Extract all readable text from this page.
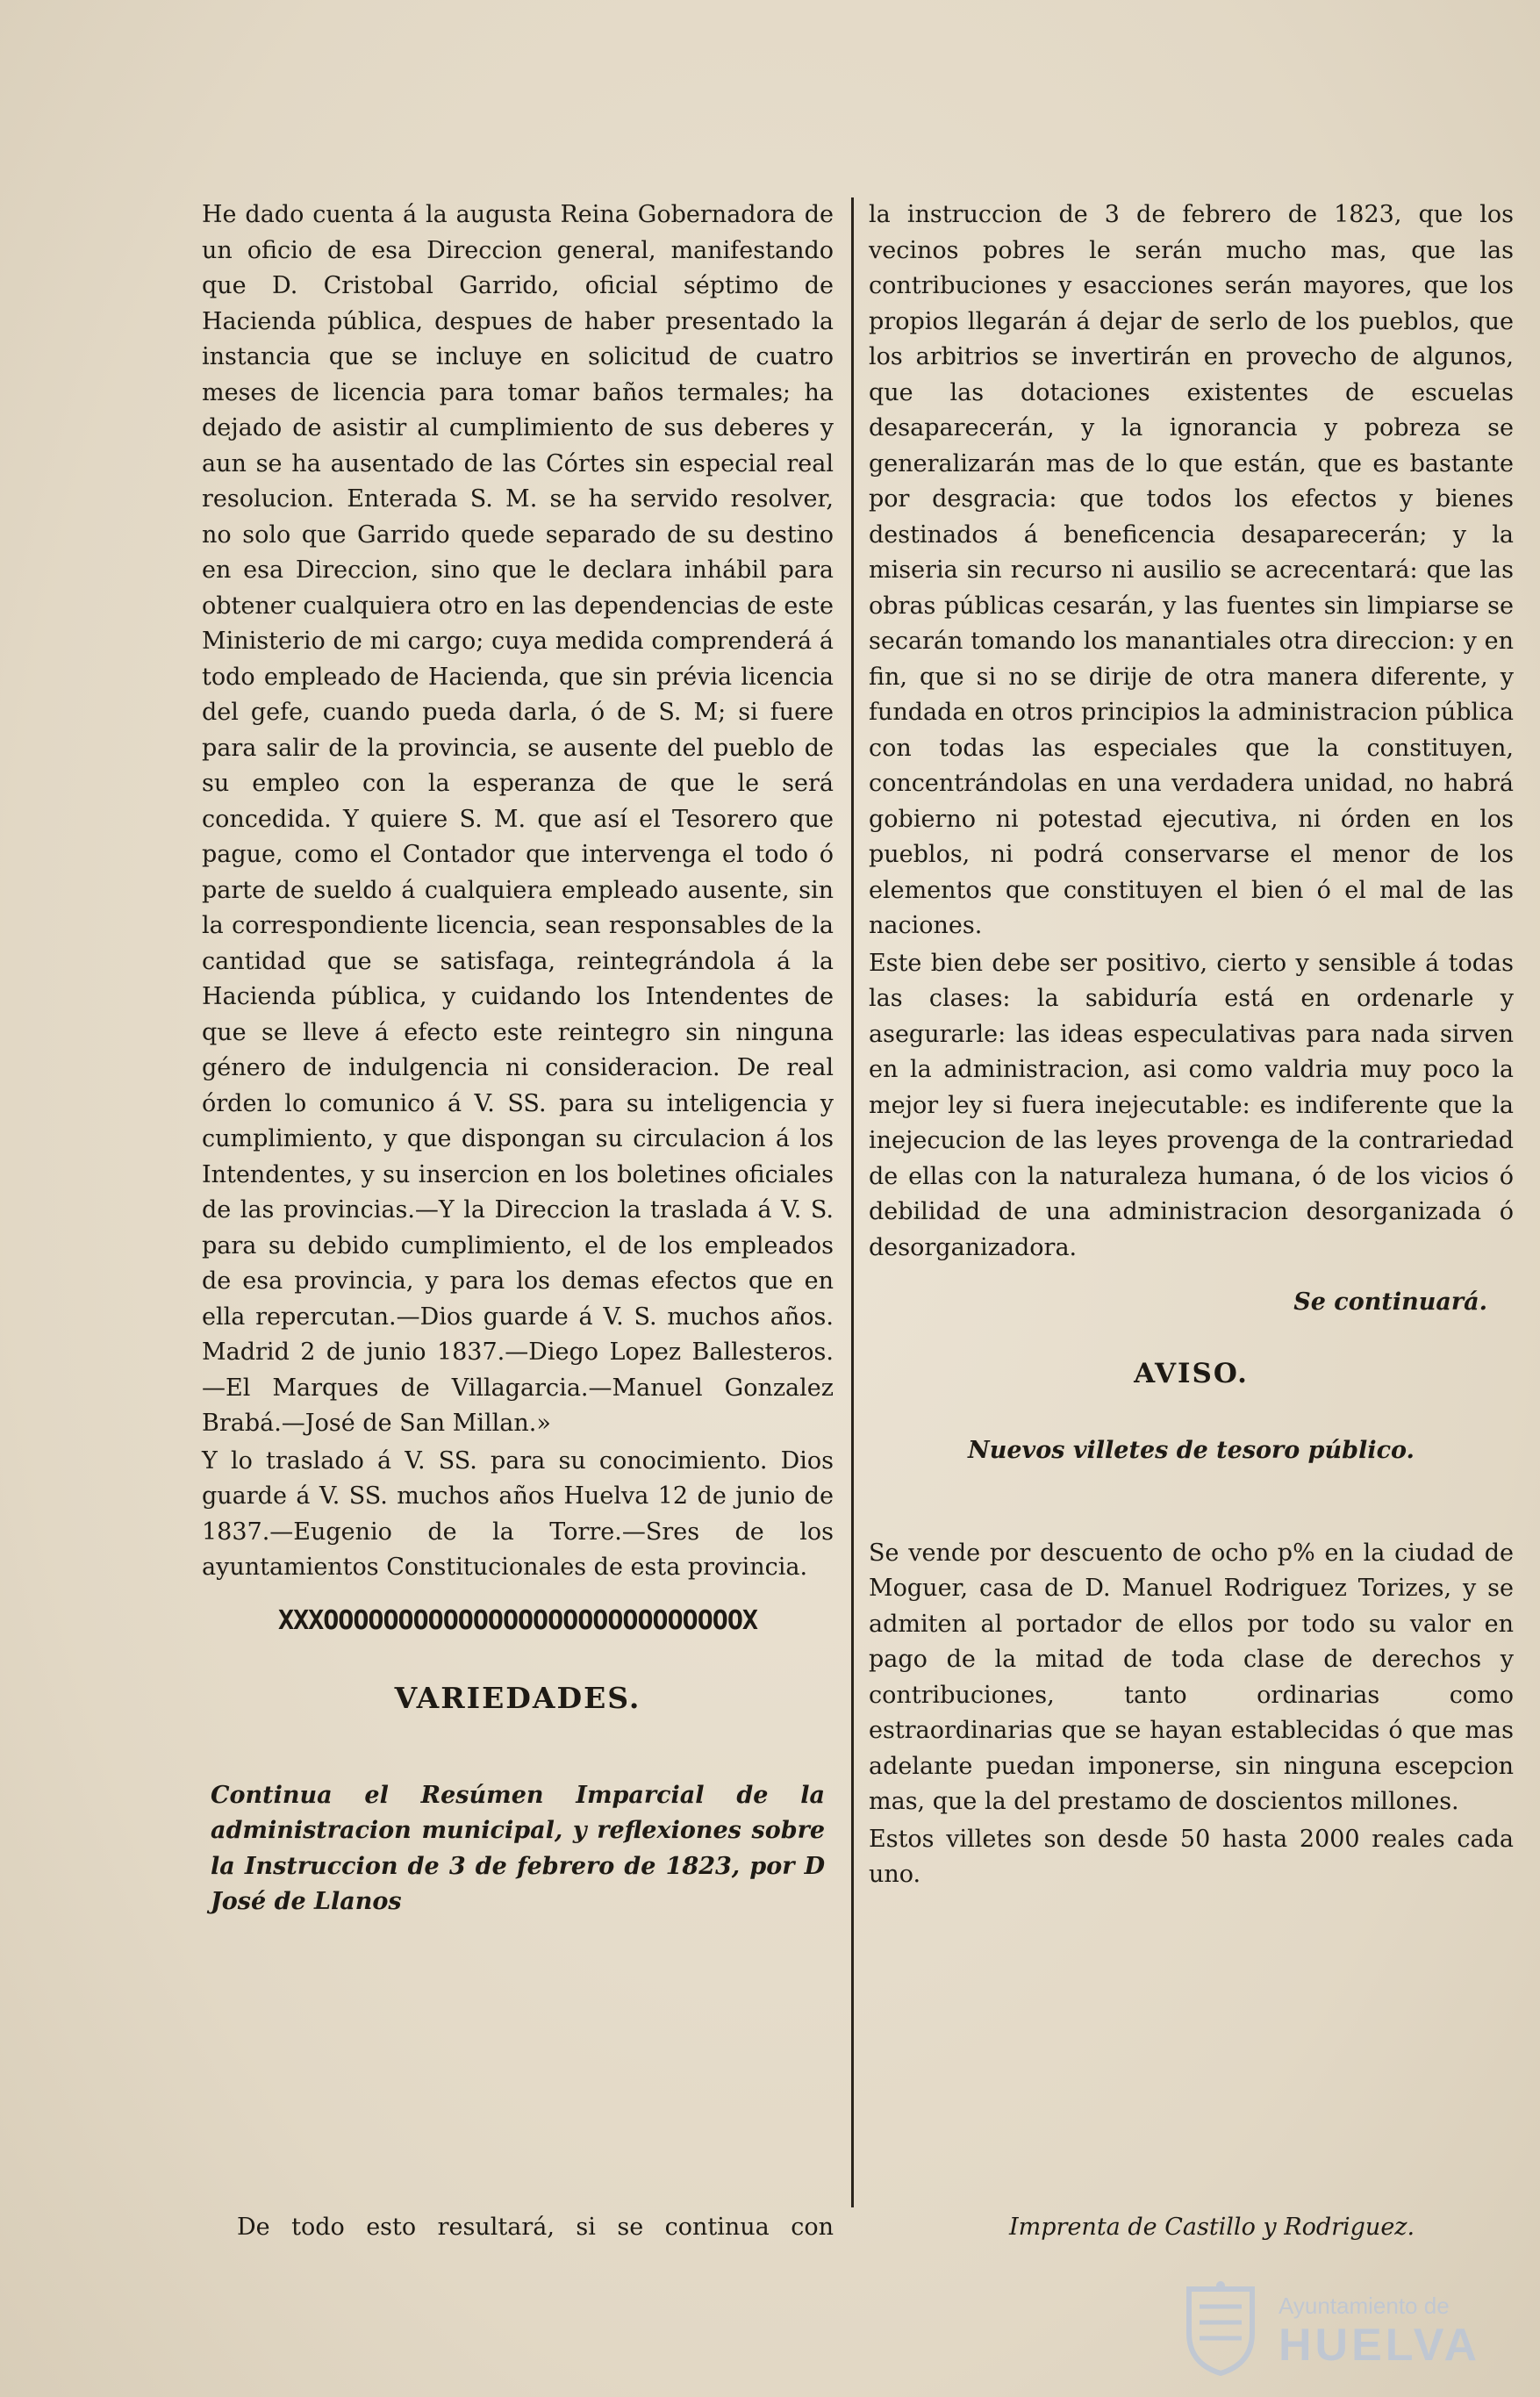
He dado cuenta á la augusta Reina Gobernadora de un oficio de esa Direccion general, manifestando que D. Cristobal Garrido, oficial séptimo de Hacienda pública, despues de haber presentado la instancia que se incluye en solicitud de cuatro meses de licencia para tomar baños termales; ha dejado de asistir al cumplimiento de sus deberes y aun se ha ausentado de las Córtes sin especial real resolucion. Enterada S. M. se ha servido resolver, no solo que Garrido quede separado de su destino en esa Direccion, sino que le declara inhábil para obtener cualquiera otro en las dependencias de este Ministerio de mi cargo; cuya medida comprenderá á todo empleado de Hacienda, que sin prévia licencia del gefe, cuando pueda darla, ó de S. M; si fuere para salir de la provincia, se ausente del pueblo de su empleo con la esperanza de que le será concedida. Y quiere S. M. que así el Tesorero que pague, como el Contador que intervenga el todo ó parte de sueldo á cualquiera empleado ausente, sin la correspondiente licencia, sean responsables de la cantidad que se satisfaga, reintegrándola á la Hacienda pública, y cuidando los Intendentes de que se lleve á efecto este reintegro sin ninguna género de indulgencia ni consideracion. De real órden lo comunico á V. SS. para su inteligencia y cumplimiento, y que dispongan su circulacion á los Intendentes, y su insercion en los boletines oficiales de las provincias.—Y la Direccion la traslada á V. S. para su debido cumplimiento, el de los empleados de esa provincia, y para los demas efectos que en ella repercutan.—Dios guarde á V. S. muchos años. Madrid 2 de junio 1837.—Diego Lopez Ballesteros.—El Marques de Villagarcia.—Manuel Gonzalez Brabá.—José de San Millan.»

Y lo traslado á V. SS. para su conocimiento. Dios guarde á V. SS. muchos años Huelva 12 de junio de 1837.—Eugenio de la Torre.—Sres de los ayuntamientos Constitucionales de esta provincia.

XXXOOOOOOOOOOOOOOOOOOOOOOOOOOOOX
VARIEDADES.
Continua el Resúmen Imparcial de la administracion municipal, y reflexiones sobre la Instruccion de 3 de febrero de 1823, por D José de Llanos
De todo esto resultará, si se continua con

la instruccion de 3 de febrero de 1823, que los vecinos pobres le serán mucho mas, que las contribuciones y esacciones serán mayores, que los propios llegarán á dejar de serlo de los pueblos, que los arbitrios se invertirán en provecho de algunos, que las dotaciones existentes de escuelas desaparecerán, y la ignorancia y pobreza se generalizarán mas de lo que están, que es bastante por desgracia: que todos los efectos y bienes destinados á beneficencia desaparecerán; y la miseria sin recurso ni ausilio se acrecentará: que las obras públicas cesarán, y las fuentes sin limpiarse se secarán tomando los manantiales otra direccion: y en fin, que si no se dirije de otra manera diferente, y fundada en otros principios la administracion pública con todas las especiales que la constituyen, concentrándolas en una verdadera unidad, no habrá gobierno ni potestad ejecutiva, ni órden en los pueblos, ni podrá conservarse el menor de los elementos que constituyen el bien ó el mal de las naciones.

Este bien debe ser positivo, cierto y sensible á todas las clases: la sabiduría está en ordenarle y asegurarle: las ideas especulativas para nada sirven en la administracion, asi como valdria muy poco la mejor ley si fuera inejecutable: es indiferente que la inejecucion de las leyes provenga de la contrariedad de ellas con la naturaleza humana, ó de los vicios ó debilidad de una administracion desorganizada ó desorganizadora.

Se continuará.
AVISO.
Nuevos villetes de tesoro público.

Se vende por descuento de ocho p% en la ciudad de Moguer, casa de D. Manuel Rodriguez Torizes, y se admiten al portador de ellos por todo su valor en pago de la mitad de toda clase de derechos y contribuciones, tanto ordinarias como estraordinarias que se hayan establecidas ó que mas adelante puedan imponerse, sin ninguna escepcion mas, que la del prestamo de doscientos millones.

Estos villetes son desde 50 hasta 2000 reales cada uno.

Imprenta de Castillo y Rodriguez.
Ayuntamiento de
HUELVA
